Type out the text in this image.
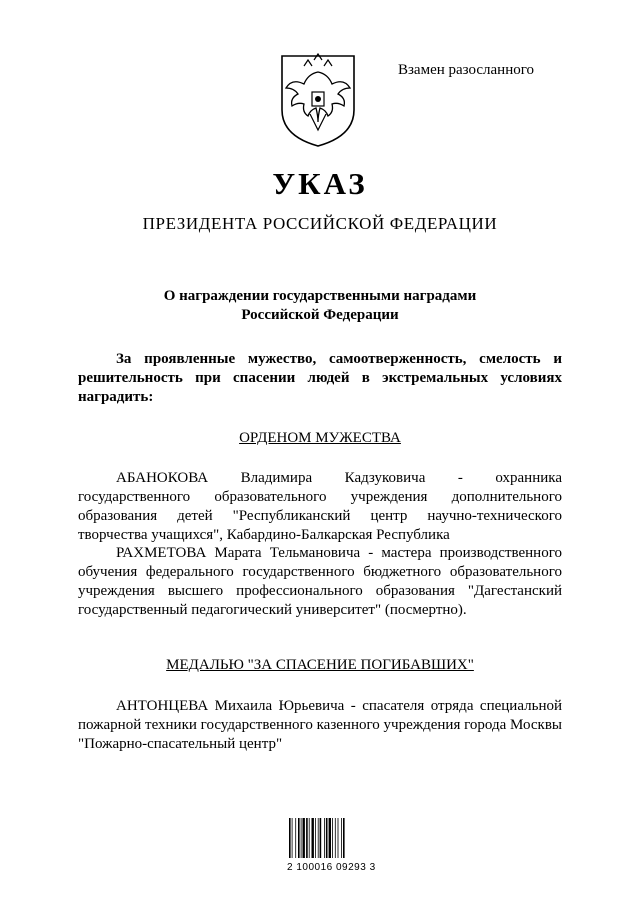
Взамен разосланного
УКАЗ
ПРЕЗИДЕНТА РОССИЙСКОЙ ФЕДЕРАЦИИ
О награждении государственными наградами
Российской Федерации
За проявленные мужество, самоотверженность, смелость и решительность при спасении людей в экстремальных условиях наградить:
ОРДЕНОМ МУЖЕСТВА
АБАНОКОВА Владимира Кадзуковича - охранника государственного образовательного учреждения дополнительного образования детей "Республиканский центр научно-технического творчества учащихся", Кабардино-Балкарская Республика
РАХМЕТОВА Марата Тельмановича - мастера производственного обучения федерального государственного бюджетного образовательного учреждения высшего профессионального образования "Дагестанский государственный педагогический университет" (посмертно).
МЕДАЛЬЮ "ЗА СПАСЕНИЕ ПОГИБАВШИХ"
АНТОНЦЕВА Михаила Юрьевича - спасателя отряда специальной пожарной техники государственного казенного учреждения города Москвы "Пожарно-спасательный центр"
2 100016 09293 3
